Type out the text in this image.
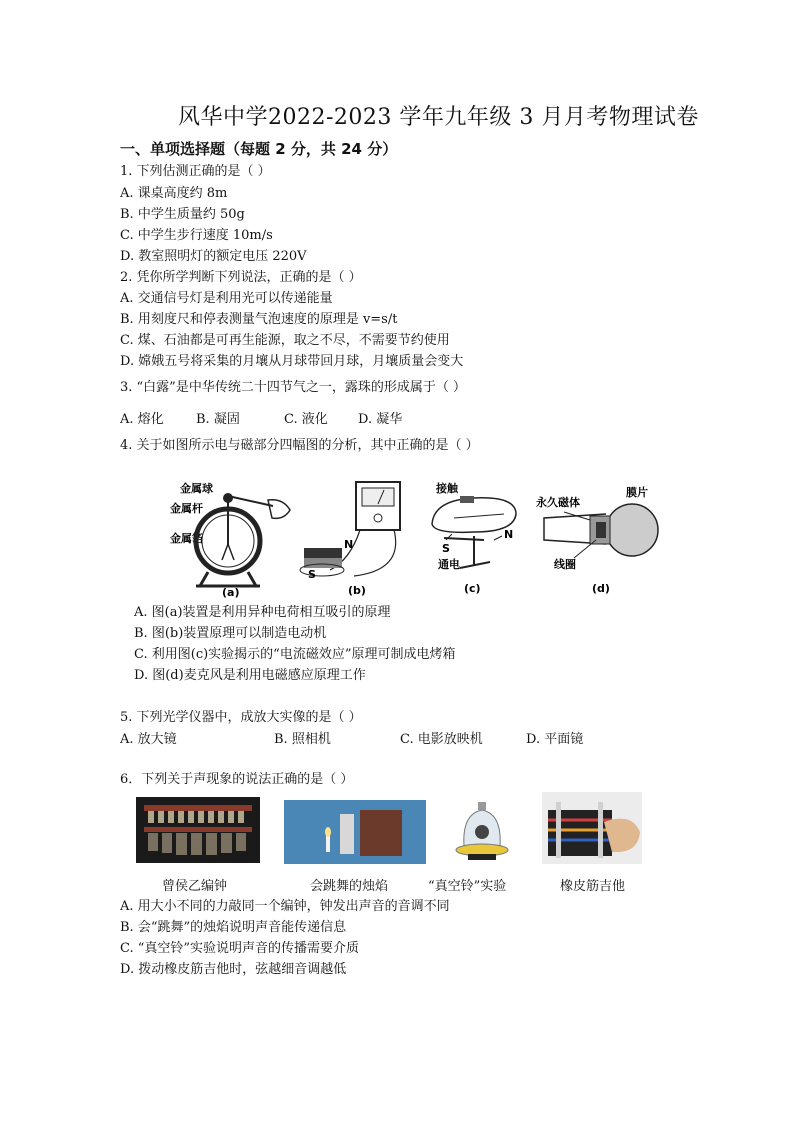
风华中学2022-2023 学年九年级 3 月月考物理试卷
一、单项选择题（每题 2 分，共 24 分）
1. 下列估测正确的是（ ）
A. 课桌高度约 8m
B. 中学生质量约 50g
C. 中学生步行速度 10m/s
D. 教室照明灯的额定电压 220V
2. 凭你所学判断下列说法，正确的是（ ）
A. 交通信号灯是利用光可以传递能量
B. 用刻度尺和停表测量气泡速度的原理是 v=s/t
C. 煤、石油都是可再生能源，取之不尽，不需要节约使用
D. 嫦娥五号将采集的月壤从月球带回月球，月壤质量会变大
3. “白露”是中华传统二十四节气之一，露珠的形成属于（ ）
A. 熔化 B. 凝固	C. 液化 D. 凝华
4. 关于如图所示电与磁部分四幅图的分析，其中正确的是（ ）
金属球
金属杆
金属箔
(a)
N
S
(b)
接触
S
通电
N
(c)
永久磁体
膜片
线圈
(d)
A. 图(a)装置是利用异种电荷相互吸引的原理
B. 图(b)装置原理可以制造电动机
C. 利用图(c)实验揭示的“电流磁效应”原理可制成电烤箱
D. 图(d)麦克风是利用电磁感应原理工作
5. 下列光学仪器中，成放大实像的是（ ）
A. 放大镜	B. 照相机	C. 电影放映机	D. 平面镜
6．下列关于声现象的说法正确的是（ ）
曾侯乙编钟	会跳舞的烛焰	“真空铃”实验	橡皮筋吉他
A. 用大小不同的力敲同一个编钟，钟发出声音的音调不同
B. 会“跳舞”的烛焰说明声音能传递信息
C. “真空铃”实验说明声音的传播需要介质
D. 拨动橡皮筋吉他时，弦越细音调越低
